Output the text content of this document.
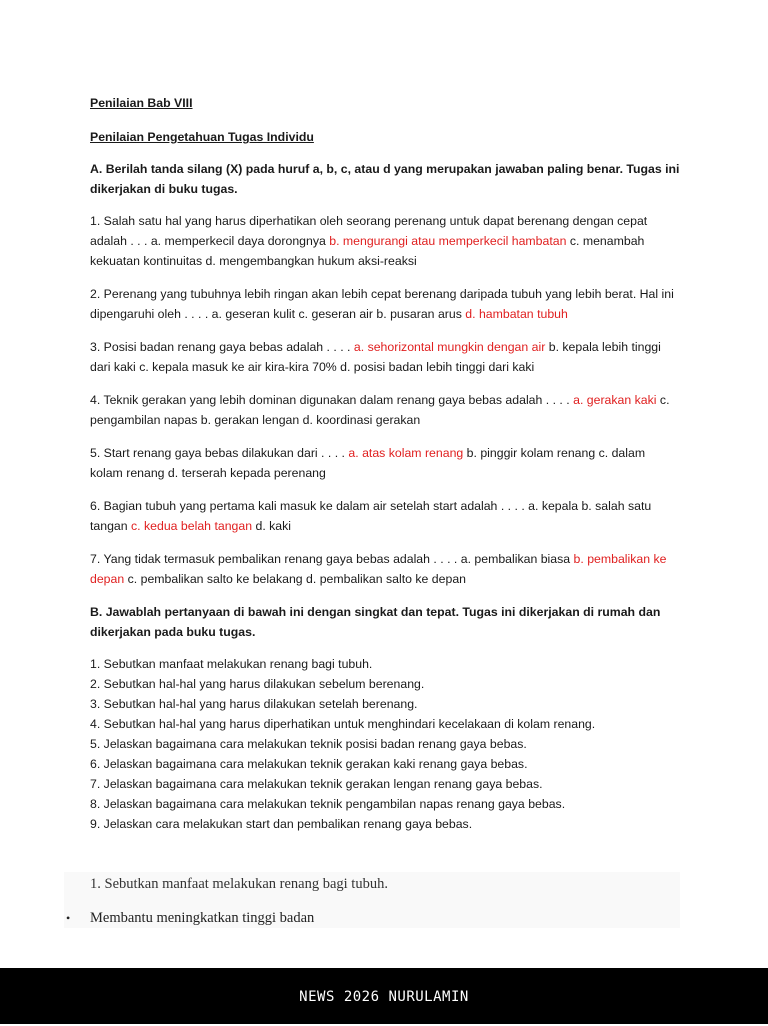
Penilaian Bab VIII

Penilaian Pengetahuan Tugas Individu

A. Berilah tanda silang (X) pada huruf a, b, c, atau d yang merupakan jawaban paling benar. Tugas ini dikerjakan di buku tugas.

1. Salah satu hal yang harus diperhatikan oleh seorang perenang untuk dapat berenang dengan cepat adalah . . . a. memperkecil daya dorongnya b. mengurangi atau memperkecil hambatan c. menambah kekuatan kontinuitas d. mengembangkan hukum aksi-reaksi

2. Perenang yang tubuhnya lebih ringan akan lebih cepat berenang daripada tubuh yang lebih berat. Hal ini dipengaruhi oleh . . . . a. geseran kulit c. geseran air b. pusaran arus d. hambatan tubuh

3. Posisi badan renang gaya bebas adalah . . . . a. sehorizontal mungkin dengan air b. kepala lebih tinggi dari kaki c. kepala masuk ke air kira-kira 70% d. posisi badan lebih tinggi dari kaki

4. Teknik gerakan yang lebih dominan digunakan dalam renang gaya bebas adalah . . . . a. gerakan kaki c. pengambilan napas b. gerakan lengan d. koordinasi gerakan

5. Start renang gaya bebas dilakukan dari . . . . a. atas kolam renang b. pinggir kolam renang c. dalam kolam renang d. terserah kepada perenang

6. Bagian tubuh yang pertama kali masuk ke dalam air setelah start adalah . . . . a. kepala b. salah satu tangan c. kedua belah tangan d. kaki

7. Yang tidak termasuk pembalikan renang gaya bebas adalah . . . . a. pembalikan biasa b. pembalikan ke depan c. pembalikan salto ke belakang d. pembalikan salto ke depan

B. Jawablah pertanyaan di bawah ini dengan singkat dan tepat. Tugas ini dikerjakan di rumah dan dikerjakan pada buku tugas.

1. Sebutkan manfaat melakukan renang bagi tubuh.
2. Sebutkan hal-hal yang harus dilakukan sebelum berenang.
3. Sebutkan hal-hal yang harus dilakukan setelah berenang.
4. Sebutkan hal-hal yang harus diperhatikan untuk menghindari kecelakaan di kolam renang.
5. Jelaskan bagaimana cara melakukan teknik posisi badan renang gaya bebas.
6. Jelaskan bagaimana cara melakukan teknik gerakan kaki renang gaya bebas.
7. Jelaskan bagaimana cara melakukan teknik gerakan lengan renang gaya bebas.
8. Jelaskan bagaimana cara melakukan teknik pengambilan napas renang gaya bebas.
9. Jelaskan cara melakukan start dan pembalikan renang gaya bebas.
1. Sebutkan manfaat melakukan renang bagi tubuh.
• Membantu meningkatkan tinggi badan
NEWS 2026 NURULAMIN
